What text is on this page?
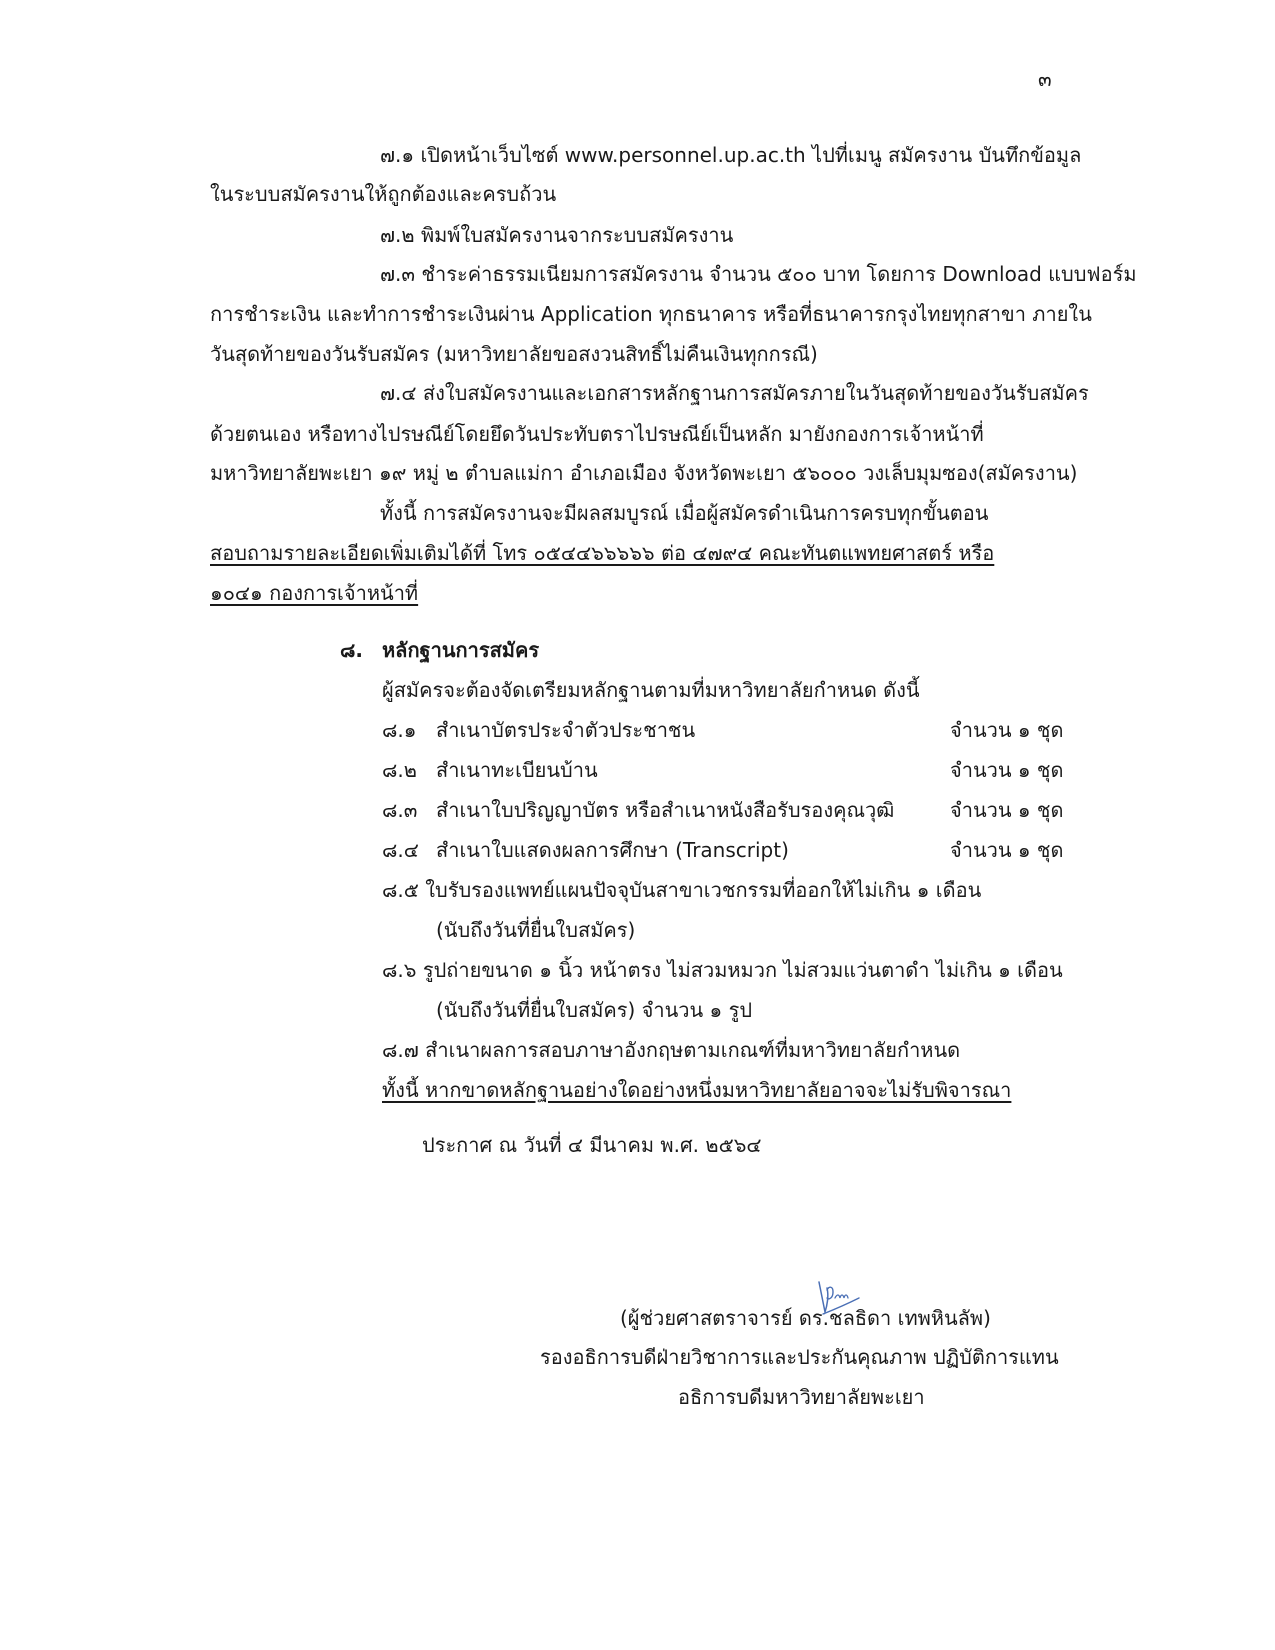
๓
๗.๑ เปิดหน้าเว็บไซต์ www.personnel.up.ac.th ไปที่เมนู สมัครงาน บันทึกข้อมูล
ในระบบสมัครงานให้ถูกต้องและครบถ้วน
๗.๒ พิมพ์ใบสมัครงานจากระบบสมัครงาน
๗.๓ ชำระค่าธรรมเนียมการสมัครงาน จำนวน ๕๐๐ บาท โดยการ Download แบบฟอร์ม
การชำระเงิน และทำการชำระเงินผ่าน Application ทุกธนาคาร หรือที่ธนาคารกรุงไทยทุกสาขา ภายใน
วันสุดท้ายของวันรับสมัคร (มหาวิทยาลัยขอสงวนสิทธิ์ไม่คืนเงินทุกกรณี)
๗.๔ ส่งใบสมัครงานและเอกสารหลักฐานการสมัครภายในวันสุดท้ายของวันรับสมัคร
ด้วยตนเอง หรือทางไปรษณีย์โดยยึดวันประทับตราไปรษณีย์เป็นหลัก มายังกองการเจ้าหน้าที่
มหาวิทยาลัยพะเยา ๑๙ หมู่ ๒ ตำบลแม่กา อำเภอเมือง จังหวัดพะเยา ๕๖๐๐๐ วงเล็บมุมซอง(สมัครงาน)
ทั้งนี้ การสมัครงานจะมีผลสมบูรณ์ เมื่อผู้สมัครดำเนินการครบทุกขั้นตอน
สอบถามรายละเอียดเพิ่มเติมได้ที่ โทร ๐๕๔๔๖๖๖๖๖ ต่อ ๔๗๙๔ คณะทันตแพทยศาสตร์ หรือ
๑๐๔๑ กองการเจ้าหน้าที่
๘. หลักฐานการสมัคร
ผู้สมัครจะต้องจัดเตรียมหลักฐานตามที่มหาวิทยาลัยกำหนด ดังนี้
๘.๑ สำเนาบัตรประจำตัวประชาชน	จำนวน ๑ ชุด
๘.๒ สำเนาทะเบียนบ้าน	จำนวน ๑ ชุด
๘.๓ สำเนาใบปริญญาบัตร หรือสำเนาหนังสือรับรองคุณวุฒิ	จำนวน ๑ ชุด
๘.๔ สำเนาใบแสดงผลการศึกษา (Transcript)	จำนวน ๑ ชุด
๘.๕ ใบรับรองแพทย์แผนปัจจุบันสาขาเวชกรรมที่ออกให้ไม่เกิน ๑ เดือน
(นับถึงวันที่ยื่นใบสมัคร)
๘.๖ รูปถ่ายขนาด ๑ นิ้ว หน้าตรง ไม่สวมหมวก ไม่สวมแว่นตาดำ ไม่เกิน ๑ เดือน
(นับถึงวันที่ยื่นใบสมัคร) จำนวน ๑ รูป
๘.๗ สำเนาผลการสอบภาษาอังกฤษตามเกณฑ์ที่มหาวิทยาลัยกำหนด
ทั้งนี้ หากขาดหลักฐานอย่างใดอย่างหนึ่งมหาวิทยาลัยอาจจะไม่รับพิจารณา
ประกาศ ณ วันที่ ๔ มีนาคม พ.ศ. ๒๕๖๔
(ผู้ช่วยศาสตราจารย์ ดร.ชลธิดา เทพหินลัพ)
รองอธิการบดีฝ่ายวิชาการและประกันคุณภาพ ปฏิบัติการแทน
อธิการบดีมหาวิทยาลัยพะเยา
